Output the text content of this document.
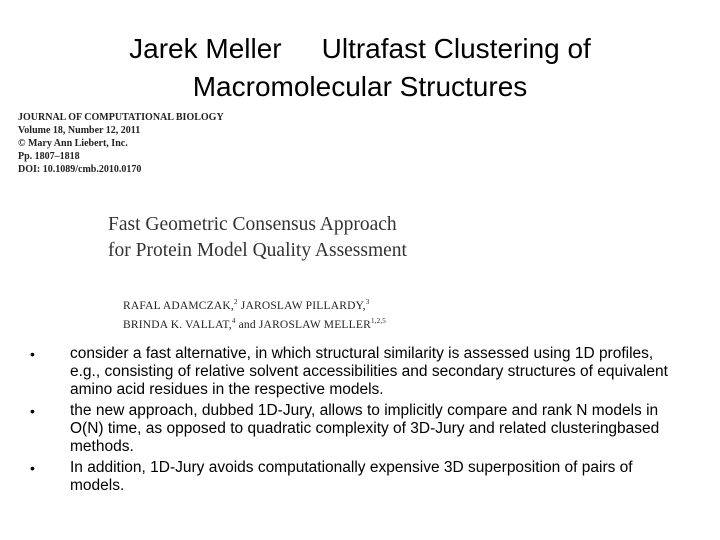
Jarek Meller Ultrafast Clustering of
Macromolecular Structures
JOURNAL OF COMPUTATIONAL BIOLOGY
Volume 18, Number 12, 2011
© Mary Ann Liebert, Inc.
Pp. 1807–1818
DOI: 10.1089/cmb.2010.0170
Fast Geometric Consensus Approach
for Protein Model Quality Assessment
RAFAL ADAMCZAK,$^2$ JAROSLAW PILLARDY,$^3$
BRINDA K. VALLAT,$^4$ and JAROSLAW MELLER$^{1,2,5}$
• consider a fast alternative, in which structural similarity is assessed using 1D profiles, e.g., consisting of relative solvent accessibilities and secondary structures of equivalent amino acid residues in the respective models.
• the new approach, dubbed 1D-Jury, allows to implicitly compare and rank N models in O(N) time, as opposed to quadratic complexity of 3D-Jury and related clusteringbased methods.
• In addition, 1D-Jury avoids computationally expensive 3D superposition of pairs of models.
